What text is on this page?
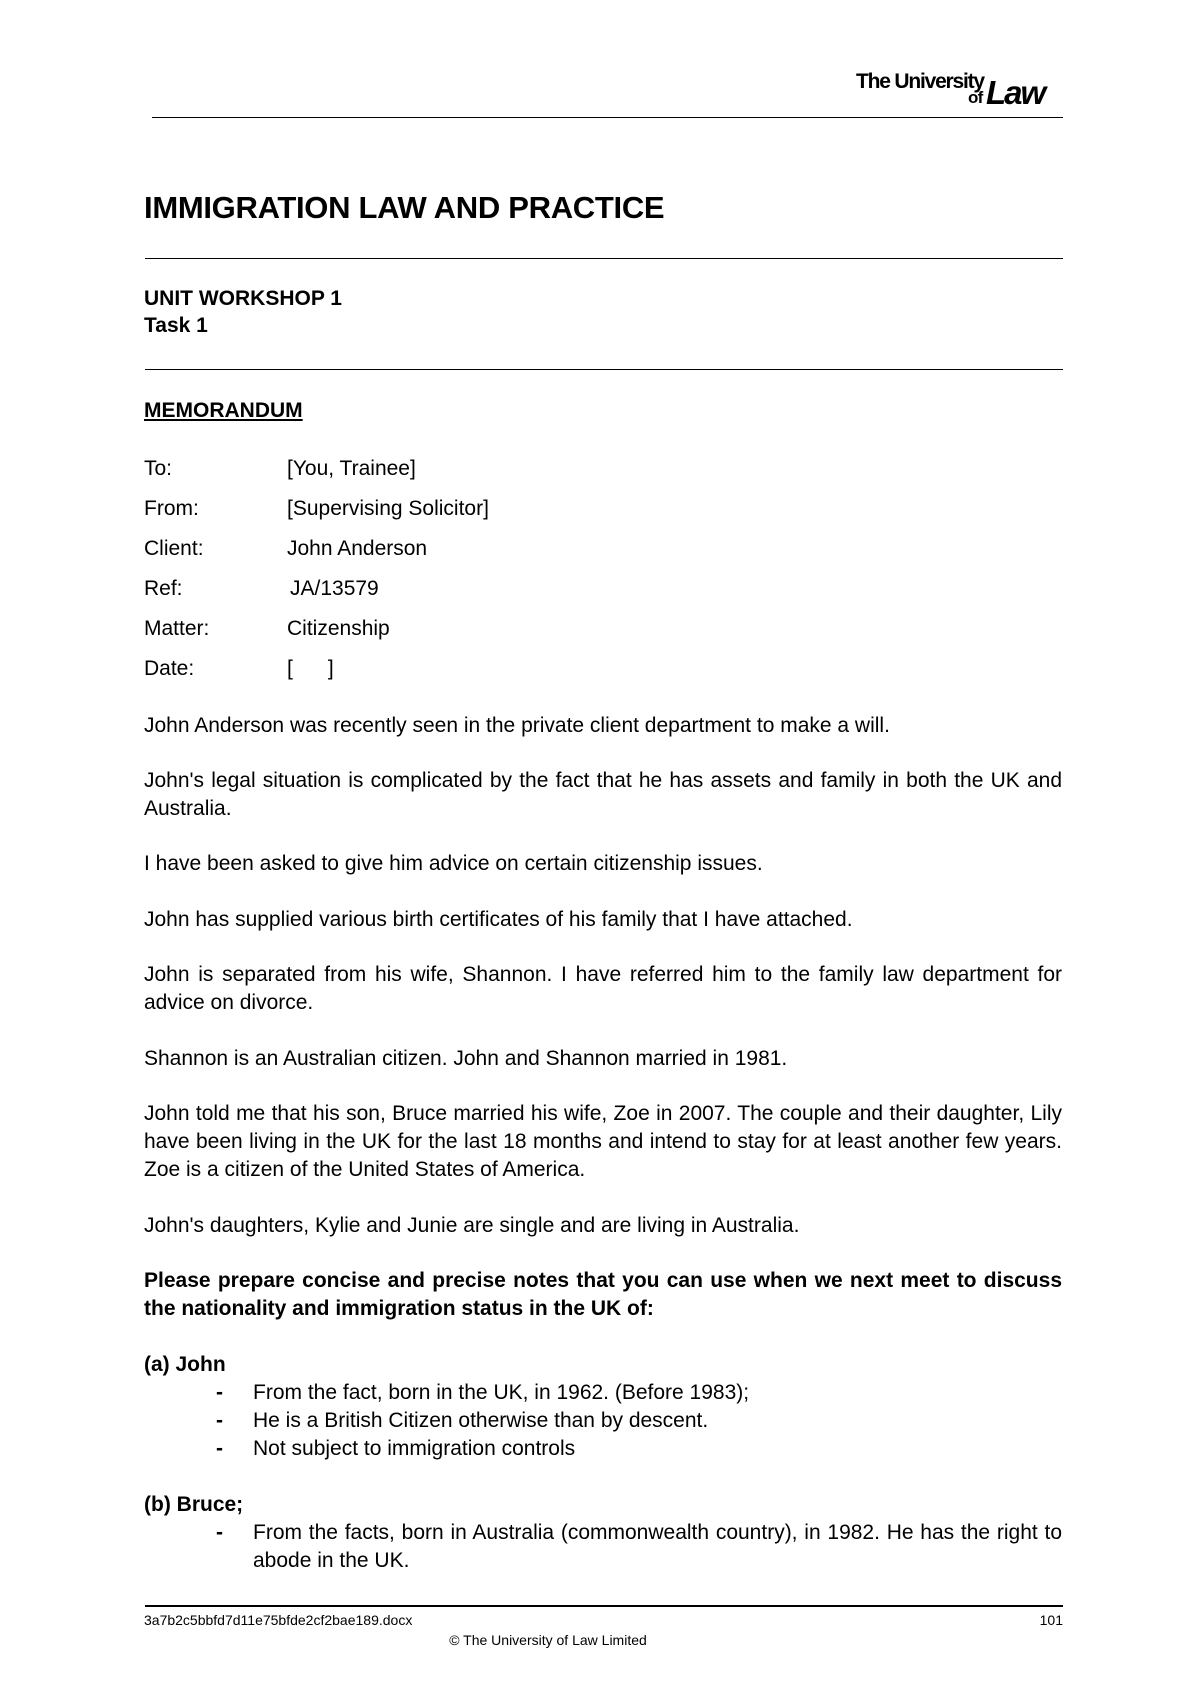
The University
of Law
IMMIGRATION LAW AND PRACTICE
UNIT WORKSHOP 1
Task 1
MEMORANDUM
To:	[You, Trainee]
From:	[Supervising Solicitor]
Client:	John Anderson
Ref:	JA/13579
Matter:	Citizenship
Date:	[      ]

John Anderson was recently seen in the private client department to make a will.

John's legal situation is complicated by the fact that he has assets and family in both the UK and Australia.

I have been asked to give him advice on certain citizenship issues.

John has supplied various birth certificates of his family that I have attached.

John is separated from his wife, Shannon. I have referred him to the family law department for advice on divorce.

Shannon is an Australian citizen. John and Shannon married in 1981.

John told me that his son, Bruce married his wife, Zoe in 2007. The couple and their daughter, Lily have been living in the UK for the last 18 months and intend to stay for at least another few years. Zoe is a citizen of the United States of America.

John's daughters, Kylie and Junie are single and are living in Australia.

Please prepare concise and precise notes that you can use when we next meet to discuss the nationality and immigration status in the UK of:

(a) John
- From the fact, born in the UK, in 1962. (Before 1983);
- He is a British Citizen otherwise than by descent.
- Not subject to immigration controls
(b) Bruce;
- From the facts, born in Australia (commonwealth country), in 1982. He has the right to abode in the UK.
3a7b2c5bbfd7d11e75bfde2cf2bae189.docx	101
© The University of Law Limited
